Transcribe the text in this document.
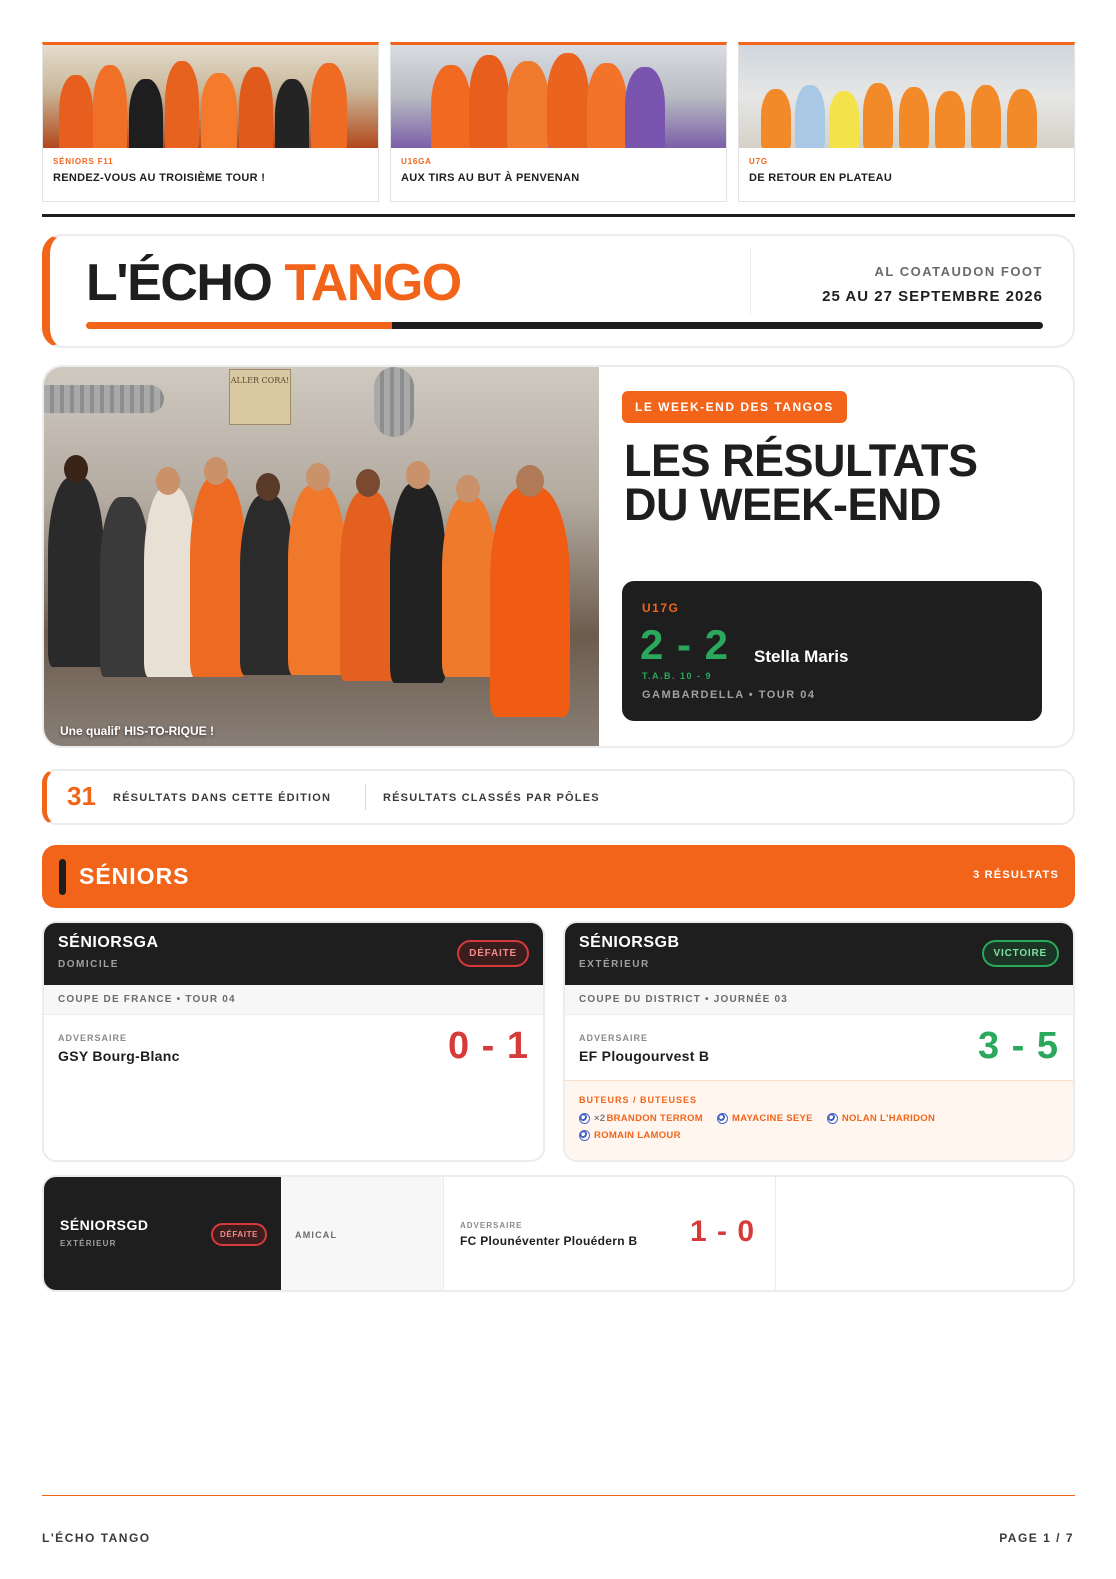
SÉNIORS F11
RENDEZ-VOUS AU TROISIÈME TOUR !
U16GA
AUX TIRS AU BUT À PENVENAN
U7G
DE RETOUR EN PLATEAU
L'ÉCHO TANGO	AL COATAUDON FOOT
25 AU 27 SEPTEMBRE 2026
ALLER CORA!
Une qualif' HIS-TO-RIQUE !
LE WEEK-END DES TANGOS
LES RÉSULTATS DU WEEK-END
U17G
2 - 2 Stella Maris
T.A.B. 10 - 9
GAMBARDELLA • TOUR 04
31 RÉSULTATS DANS CETTE ÉDITION	RÉSULTATS CLASSÉS PAR PÔLES
SÉNIORS	3 RÉSULTATS
SÉNIORSGA
DOMICILE
DÉFAITE
COUPE DE FRANCE • TOUR 04
ADVERSAIRE
GSY Bourg-Blanc	0 - 1
SÉNIORSGB
EXTÉRIEUR
VICTOIRE
COUPE DU DISTRICT • JOURNÉE 03
ADVERSAIRE
EF Plougourvest B	3 - 5
BUTEURS / BUTEUSES
×2 BRANDON TERROM	MAYACINE SEYE	NOLAN L'HARIDON
ROMAIN LAMOUR
SÉNIORSGD
EXTÉRIEUR
DÉFAITE	AMICAL
ADVERSAIRE
FC Plounéventer Plouédern B 1 - 0
L'ÉCHO TANGO	PAGE 1 / 7
